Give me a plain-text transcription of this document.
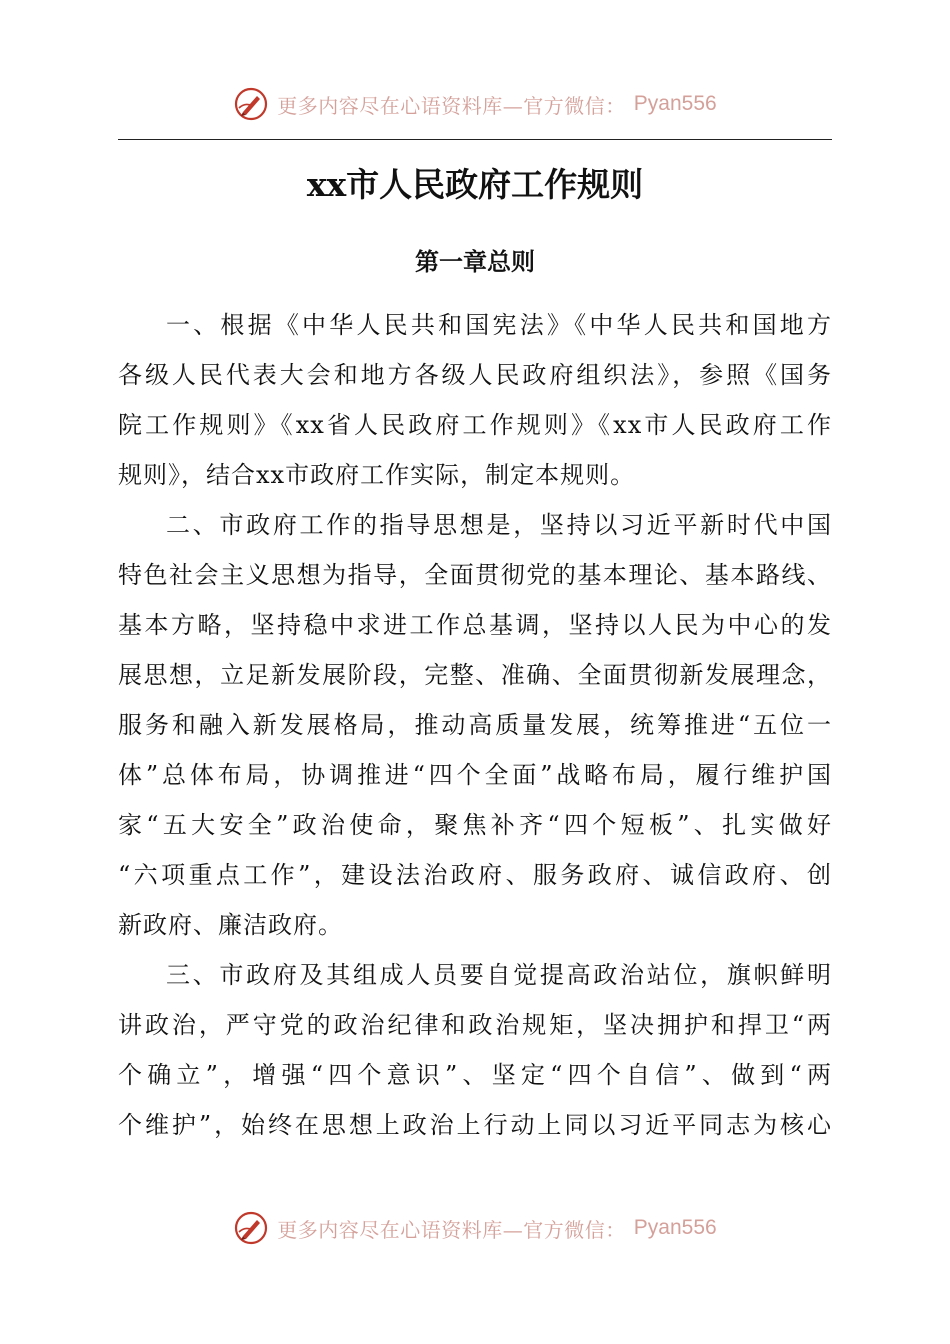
更多内容尽在心语资料库—官方微信： Pyan556
xx市人民政府工作规则
第一章总则
一、根据《中华人民共和国宪法》《中华人民共和国地方
各级人民代表大会和地方各级人民政府组织法》，参照《国务
院工作规则》《xx省人民政府工作规则》《xx市人民政府工作
规则》，结合xx市政府工作实际，制定本规则。
二、市政府工作的指导思想是，坚持以习近平新时代中国
特色社会主义思想为指导，全面贯彻党的基本理论、基本路线、
基本方略，坚持稳中求进工作总基调，坚持以人民为中心的发
展思想，立足新发展阶段，完整、准确、全面贯彻新发展理念，
服务和融入新发展格局，推动高质量发展，统筹推进“五位一
体”总体布局，协调推进“四个全面”战略布局，履行维护国
家“五大安全”政治使命，聚焦补齐“四个短板”、扎实做好
“六项重点工作”，建设法治政府、服务政府、诚信政府、创
新政府、廉洁政府。
三、市政府及其组成人员要自觉提高政治站位，旗帜鲜明
讲政治，严守党的政治纪律和政治规矩，坚决拥护和捍卫“两
个确立”，增强“四个意识”、坚定“四个自信”、做到“两
个维护”，始终在思想上政治上行动上同以习近平同志为核心
更多内容尽在心语资料库—官方微信： Pyan556
